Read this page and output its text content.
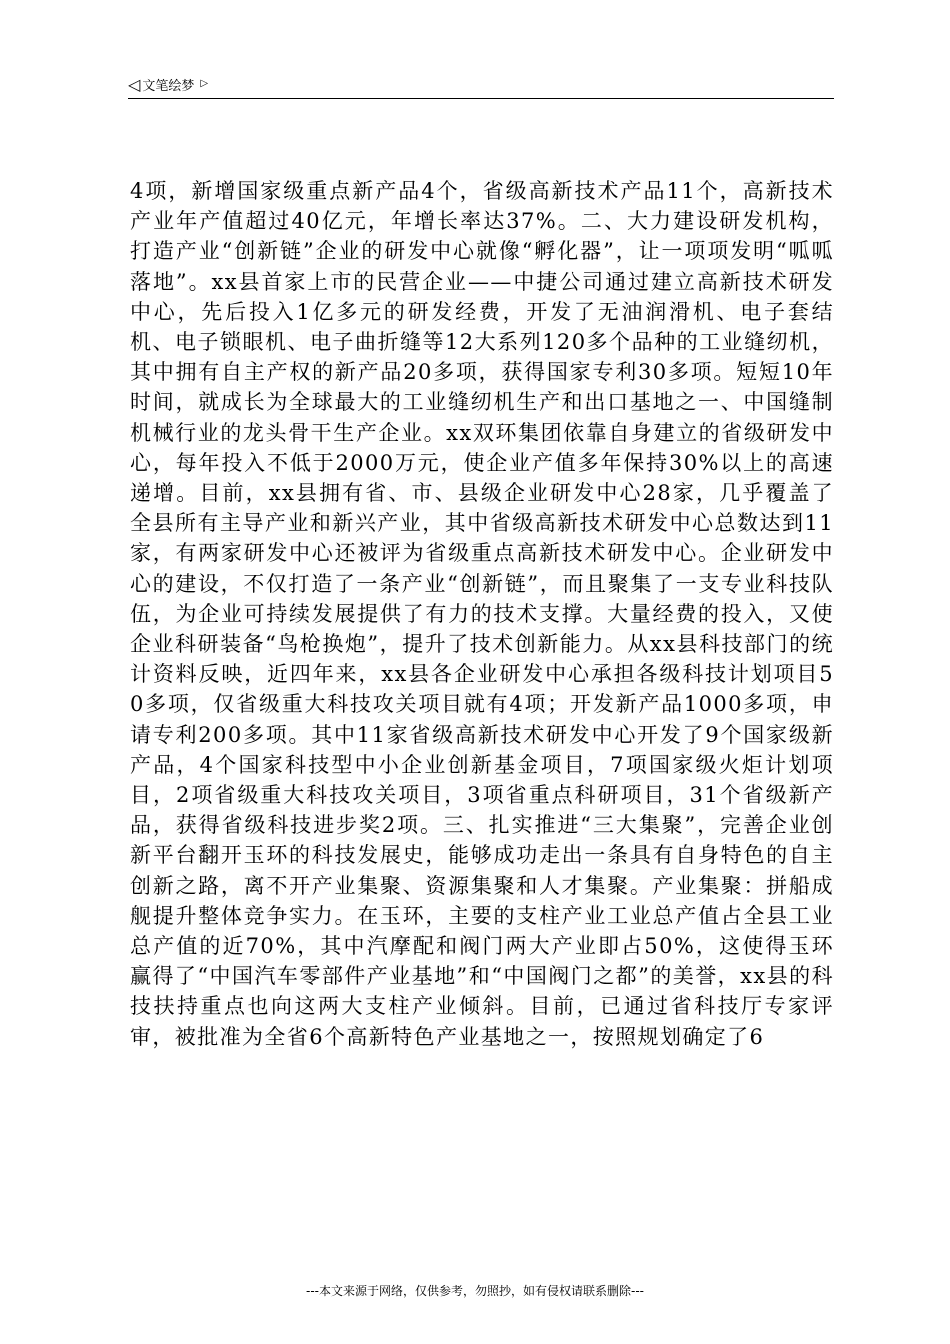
◁ 文笔绘梦 ▷

4项，新增国家级重点新产品4个，省级高新技术产品11个，高新技术产业年产值超过40亿元，年增长率达37%。二、大力建设研发机构，打造产业“创新链”企业的研发中心就像“孵化器”，让一项项发明“呱呱落地”。xx县首家上市的民营企业——中捷公司通过建立高新技术研发中心，先后投入1亿多元的研发经费，开发了无油润滑机、电子套结机、电子锁眼机、电子曲折缝等12大系列120多个品种的工业缝纫机，其中拥有自主产权的新产品20多项，获得国家专利30多项。短短10年时间，就成长为全球最大的工业缝纫机生产和出口基地之一、中国缝制机械行业的龙头骨干生产企业。xx双环集团依靠自身建立的省级研发中心，每年投入不低于2000万元，使企业产值多年保持30%以上的高速递增。目前，xx县拥有省、市、县级企业研发中心28家，几乎覆盖了全县所有主导产业和新兴产业，其中省级高新技术研发中心总数达到11家，有两家研发中心还被评为省级重点高新技术研发中心。企业研发中心的建设，不仅打造了一条产业“创新链”，而且聚集了一支专业科技队伍，为企业可持续发展提供了有力的技术支撑。大量经费的投入，又使企业科研装备“鸟枪换炮”，提升了技术创新能力。从xx县科技部门的统计资料反映，近四年来，xx县各企业研发中心承担各级科技计划项目50多项，仅省级重大科技攻关项目就有4项；开发新产品1000多项，申请专利200多项。其中11家省级高新技术研发中心开发了9个国家级新产品，4个国家科技型中小企业创新基金项目，7项国家级火炬计划项目，2项省级重大科技攻关项目，3项省重点科研项目，31个省级新产品，获得省级科技进步奖2项。三、扎实推进“三大集聚”，完善企业创新平台翻开玉环的科技发展史，能够成功走出一条具有自身特色的自主创新之路，离不开产业集聚、资源集聚和人才集聚。产业集聚：拼船成舰提升整体竞争实力。在玉环，主要的支柱产业工业总产值占全县工业总产值的近70%，其中汽摩配和阀门两大产业即占50%，这使得玉环赢得了“中国汽车零部件产业基地”和“中国阀门之都”的美誉，xx县的科技扶持重点也向这两大支柱产业倾斜。目前，已通过省科技厅专家评审，被批准为全省6个高新特色产业基地之一，按照规划确定了6

---本文来源于网络，仅供参考，勿照抄，如有侵权请联系删除---
